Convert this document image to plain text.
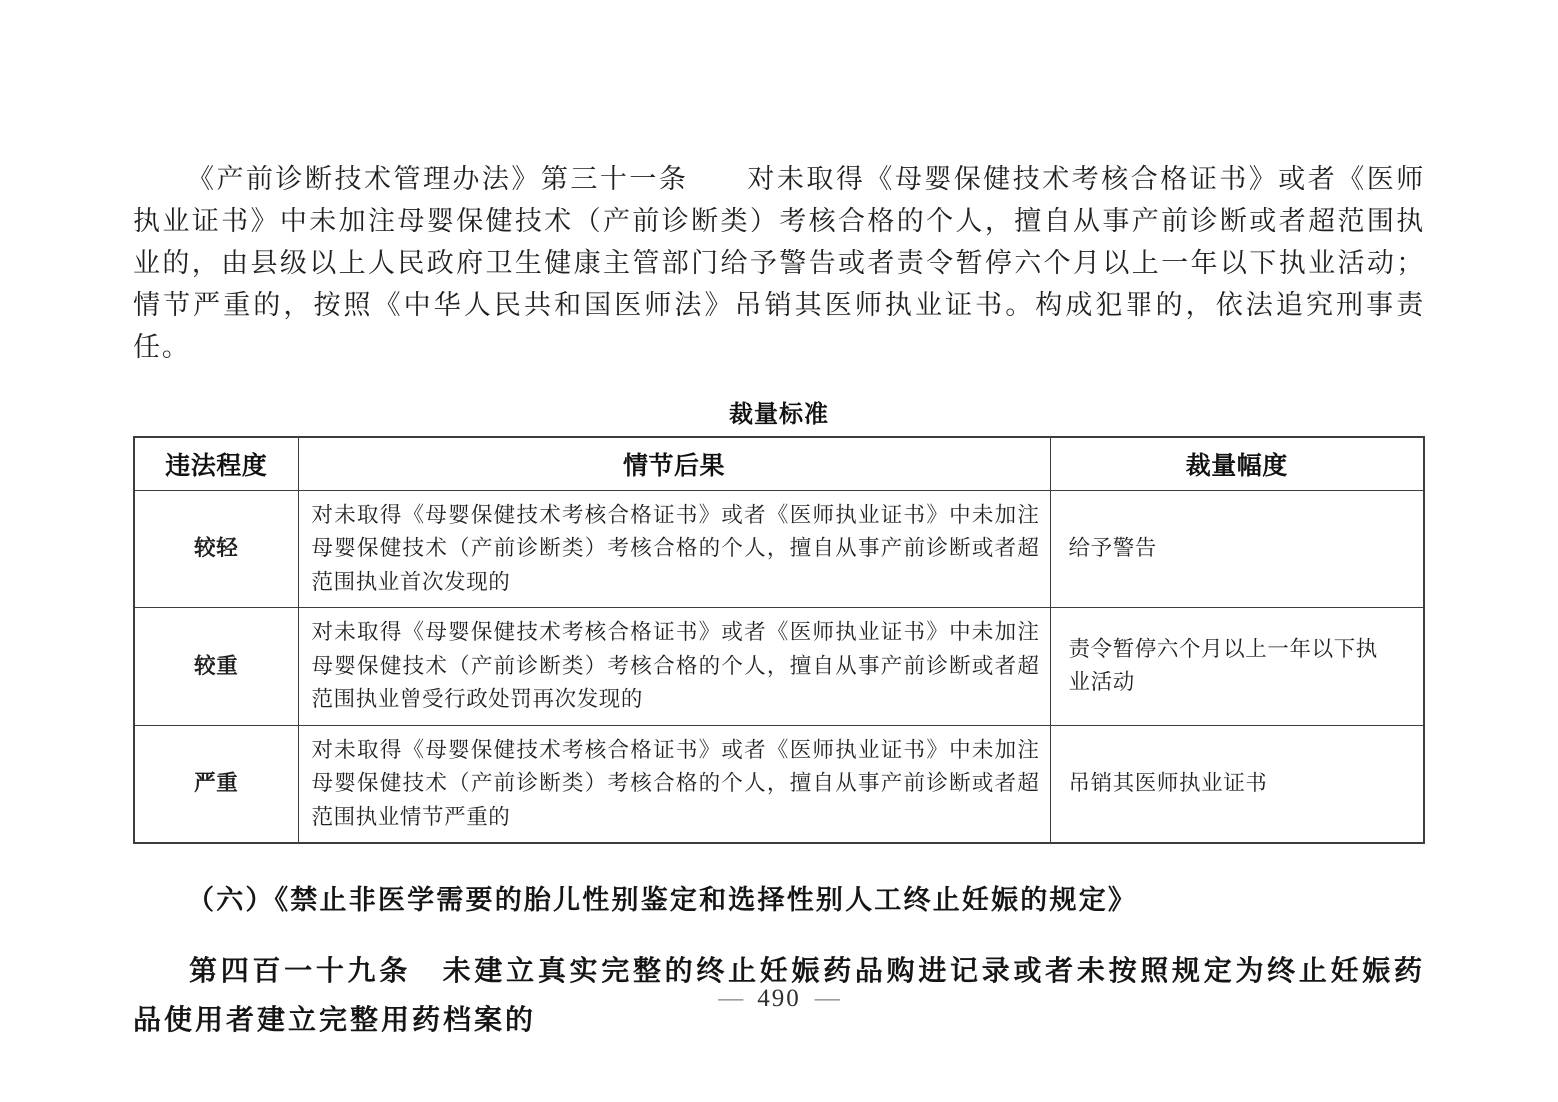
《产前诊断技术管理办法》第三十一条　　对未取得《母婴保健技术考核合格证书》或者《医师执业证书》中未加注母婴保健技术（产前诊断类）考核合格的个人，擅自从事产前诊断或者超范围执业的，由县级以上人民政府卫生健康主管部门给予警告或者责令暂停六个月以上一年以下执业活动；情节严重的，按照《中华人民共和国医师法》吊销其医师执业证书。构成犯罪的，依法追究刑事责任。

裁量标准
违法程度	情节后果	裁量幅度
较轻	对未取得《母婴保健技术考核合格证书》或者《医师执业证书》中未加注母婴保健技术（产前诊断类）考核合格的个人，擅自从事产前诊断或者超范围执业首次发现的	给予警告
较重	对未取得《母婴保健技术考核合格证书》或者《医师执业证书》中未加注母婴保健技术（产前诊断类）考核合格的个人，擅自从事产前诊断或者超范围执业曾受行政处罚再次发现的	责令暂停六个月以上一年以下执业活动
严重	对未取得《母婴保健技术考核合格证书》或者《医师执业证书》中未加注母婴保健技术（产前诊断类）考核合格的个人，擅自从事产前诊断或者超范围执业情节严重的	吊销其医师执业证书
（六）《禁止非医学需要的胎儿性别鉴定和选择性别人工终止妊娠的规定》

第四百一十九条　未建立真实完整的终止妊娠药品购进记录或者未按照规定为终止妊娠药品使用者建立完整用药档案的

— 490 —
